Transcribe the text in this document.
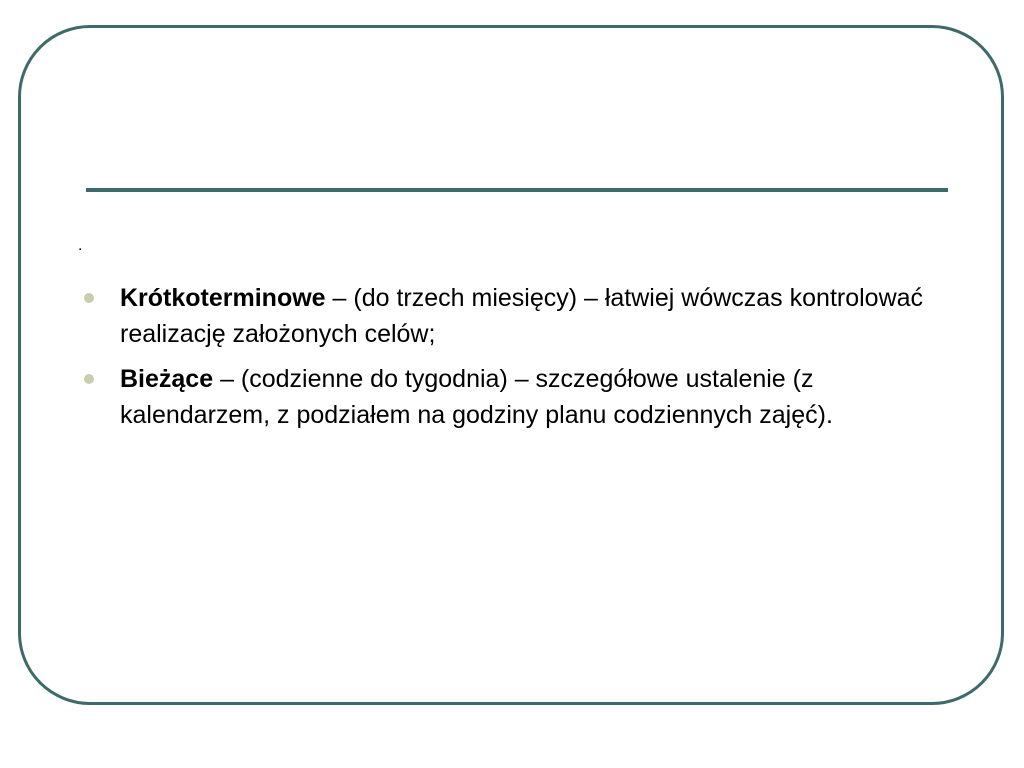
.
Krótkoterminowe – (do trzech miesięcy) – łatwiej wówczas kontrolować realizację założonych celów;
Bieżące – (codzienne do tygodnia) – szczegółowe ustalenie (z kalendarzem, z podziałem na godziny planu codziennych zajęć).
